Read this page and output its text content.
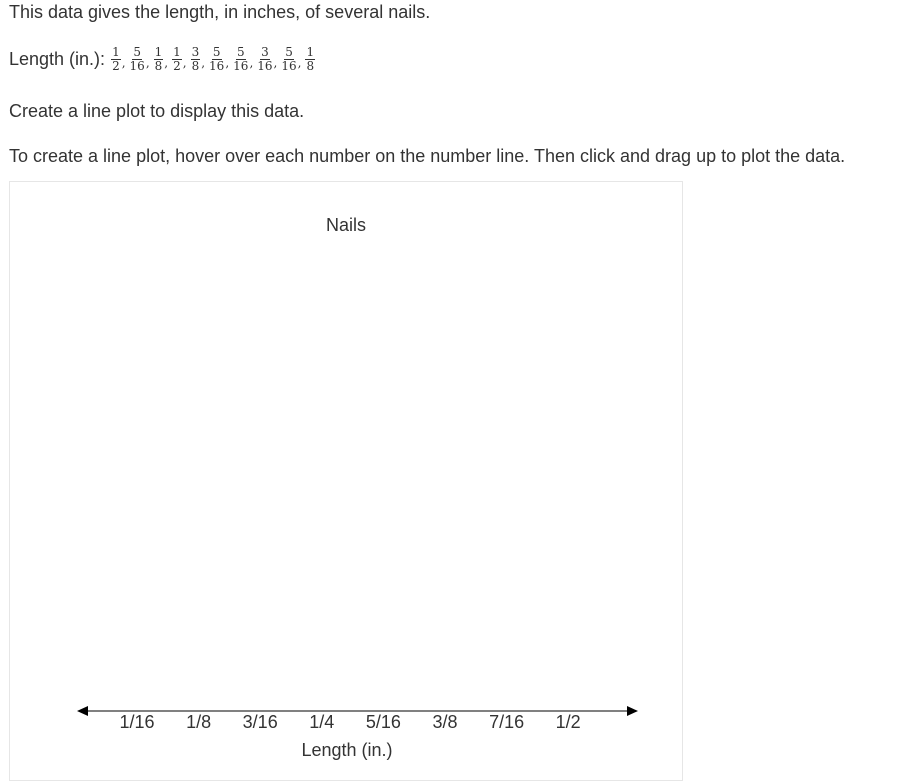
This data gives the length, in inches, of several nails.

Length (in.): $\frac{1}{2}$ , $\frac{5}{16}$ , $\frac{1}{8}$ , $\frac{1}{2}$ , $\frac{3}{8}$ , $\frac{5}{16}$ , $\frac{5}{16}$ , $\frac{3}{16}$ , $\frac{5}{16}$ , $\frac{1}{8}$

Create a line plot to display this data.

To create a line plot, hover over each number on the number line. Then click and drag up to plot the data.

Nails
1/16 1/8 3/16 1/4 5/16 3/8 7/16 1/2
Length (in.)
